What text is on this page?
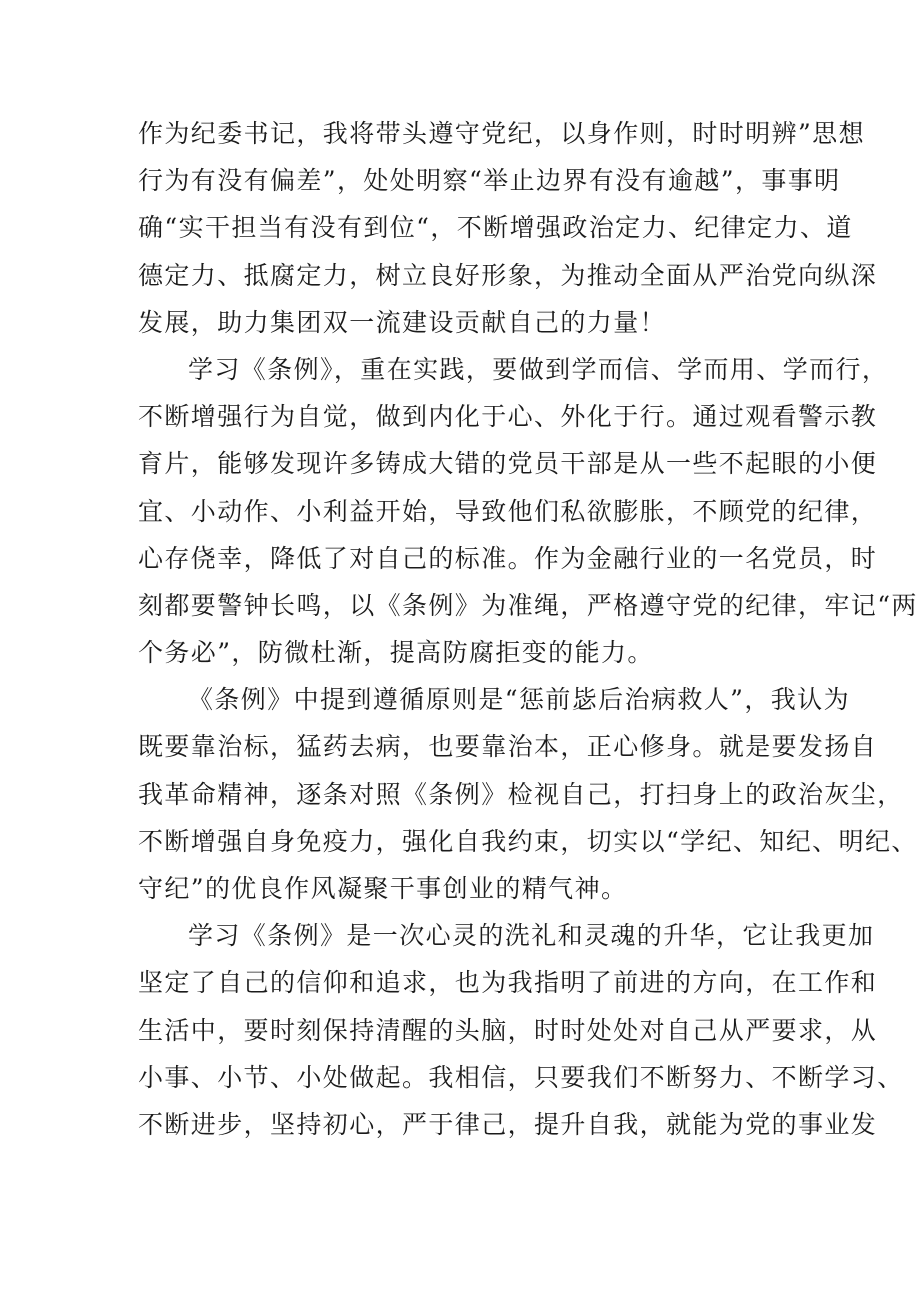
作为纪委书记，我将带头遵守党纪，以身作则，时时明辨”思想
行为有没有偏差”，处处明察“举止边界有没有逾越”，事事明
确“实干担当有没有到位“，不断增强政治定力、纪律定力、道
德定力、抵腐定力，树立良好形象，为推动全面从严治党向纵深
发展，助力集团双一流建设贡献自己的力量！
学习《条例》，重在实践，要做到学而信、学而用、学而行，
不断增强行为自觉，做到内化于心、外化于行。通过观看警示教
育片，能够发现许多铸成大错的党员干部是从一些不起眼的小便
宜、小动作、小利益开始，导致他们私欲膨胀，不顾党的纪律，
心存侥幸，降低了对自己的标准。作为金融行业的一名党员，时
刻都要警钟长鸣，以《条例》为准绳，严格遵守党的纪律，牢记“两
个务必”，防微杜渐，提高防腐拒变的能力。
《条例》中提到遵循原则是“惩前毖后治病救人”，我认为
既要靠治标，猛药去病，也要靠治本，正心修身。就是要发扬自
我革命精神，逐条对照《条例》检视自己，打扫身上的政治灰尘，
不断增强自身免疫力，强化自我约束，切实以“学纪、知纪、明纪、
守纪”的优良作风凝聚干事创业的精气神。
学习《条例》是一次心灵的洗礼和灵魂的升华，它让我更加
坚定了自己的信仰和追求，也为我指明了前进的方向，在工作和
生活中，要时刻保持清醒的头脑，时时处处对自己从严要求，从
小事、小节、小处做起。我相信，只要我们不断努力、不断学习、
不断进步，坚持初心，严于律己，提升自我，就能为党的事业发
